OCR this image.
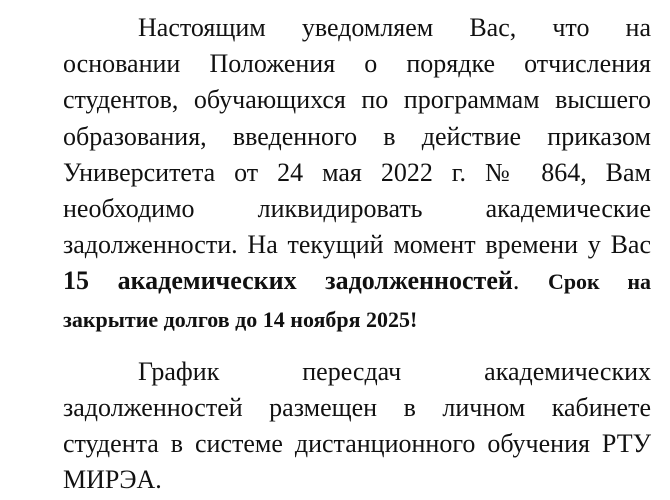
Настоящим уведомляем Вас, что на основании Положения о порядке отчисления студентов, обучающихся по программам высшего образования, введенного в действие приказом Университета от 24 мая 2022 г. № 864, Вам необходимо ликвидировать академические задолженности. На текущий момент времени у Вас 15 академических задолженностей. Срок на закрытие долгов до 14 ноября 2025!

График пересдач академических задолженностей размещен в личном кабинете студента в системе дистанционного обучения РТУ МИРЭА.
